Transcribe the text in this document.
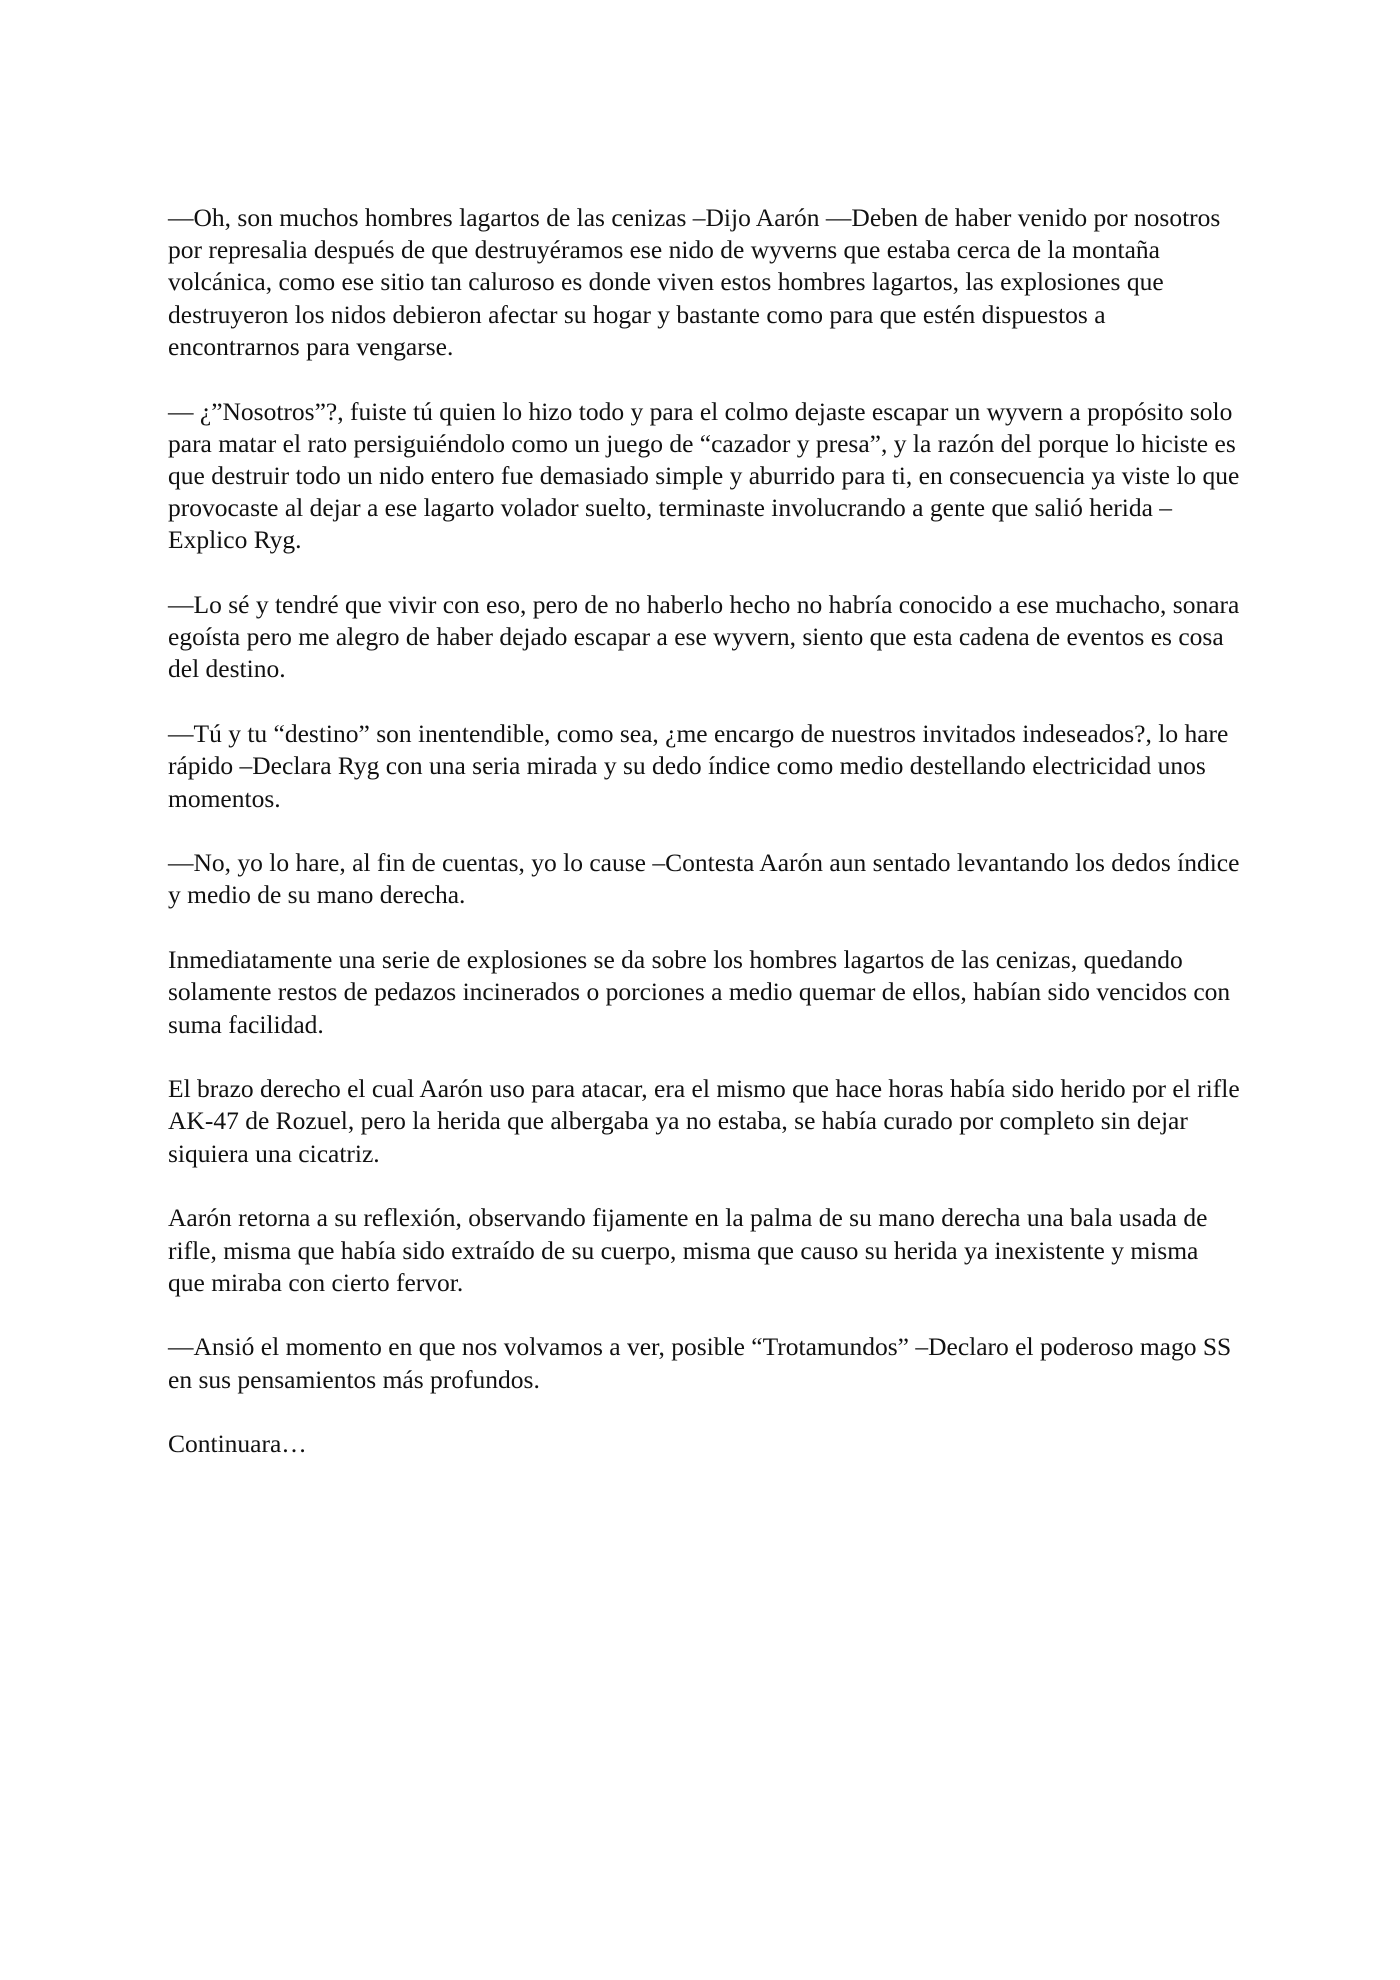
—Oh, son muchos hombres lagartos de las cenizas –Dijo Aarón —Deben de haber venido por nosotros por represalia después de que destruyéramos ese nido de wyverns que estaba cerca de la montaña volcánica, como ese sitio tan caluroso es donde viven estos hombres lagartos, las explosiones que destruyeron los nidos debieron afectar su hogar y bastante como para que estén dispuestos a encontrarnos para vengarse.

— ¿”Nosotros”?, fuiste tú quien lo hizo todo y para el colmo dejaste escapar un wyvern a propósito solo para matar el rato persiguiéndolo como un juego de “cazador y presa”, y la razón del porque lo hiciste es que destruir todo un nido entero fue demasiado simple y aburrido para ti, en consecuencia ya viste lo que provocaste al dejar a ese lagarto volador suelto, terminaste involucrando a gente que salió herida –Explico Ryg.

—Lo sé y tendré que vivir con eso, pero de no haberlo hecho no habría conocido a ese muchacho, sonara egoísta pero me alegro de haber dejado escapar a ese wyvern, siento que esta cadena de eventos es cosa del destino.

—Tú y tu “destino” son inentendible, como sea, ¿me encargo de nuestros invitados indeseados?, lo hare rápido –Declara Ryg con una seria mirada y su dedo índice como medio destellando electricidad unos momentos.

—No, yo lo hare, al fin de cuentas, yo lo cause –Contesta Aarón aun sentado levantando los dedos índice y medio de su mano derecha.

Inmediatamente una serie de explosiones se da sobre los hombres lagartos de las cenizas, quedando solamente restos de pedazos incinerados o porciones a medio quemar de ellos, habían sido vencidos con suma facilidad.

El brazo derecho el cual Aarón uso para atacar, era el mismo que hace horas había sido herido por el rifle AK-47 de Rozuel, pero la herida que albergaba ya no estaba, se había curado por completo sin dejar siquiera una cicatriz.

Aarón retorna a su reflexión, observando fijamente en la palma de su mano derecha una bala usada de rifle, misma que había sido extraído de su cuerpo, misma que causo su herida ya inexistente y misma que miraba con cierto fervor.

—Ansió el momento en que nos volvamos a ver, posible “Trotamundos” –Declaro el poderoso mago SS en sus pensamientos más profundos.

Continuara…
